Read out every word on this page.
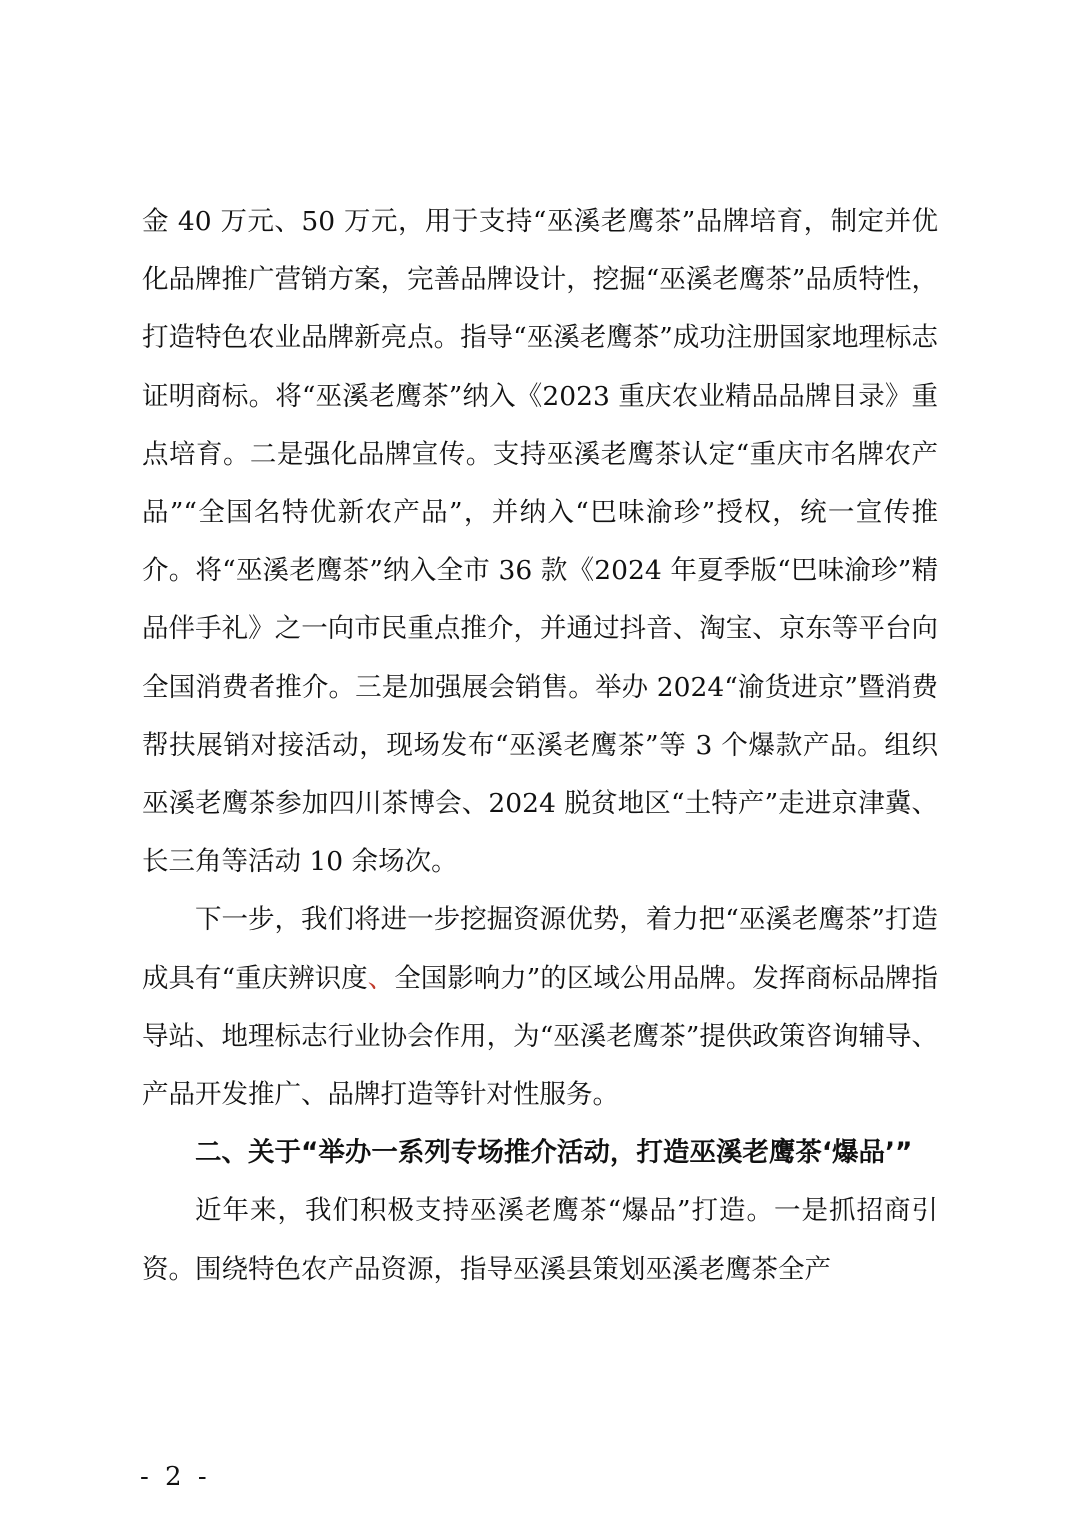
金 40 万元、50 万元，用于支持“巫溪老鹰茶”品牌培育，制定并优化品牌推广营销方案，完善品牌设计，挖掘“巫溪老鹰茶”品质特性，打造特色农业品牌新亮点。指导“巫溪老鹰茶”成功注册国家地理标志证明商标。将“巫溪老鹰茶”纳入《2023 重庆农业精品品牌目录》重点培育。二是强化品牌宣传。支持巫溪老鹰茶认定“重庆市名牌农产品”“全国名特优新农产品”，并纳入“巴味渝珍”授权，统一宣传推介。将“巫溪老鹰茶”纳入全市 36 款《2024 年夏季版“巴味渝珍”精品伴手礼》之一向市民重点推介，并通过抖音、淘宝、京东等平台向全国消费者推介。三是加强展会销售。举办 2024“渝货进京”暨消费帮扶展销对接活动，现场发布“巫溪老鹰茶”等 3 个爆款产品。组织巫溪老鹰茶参加四川茶博会、2024 脱贫地区“土特产”走进京津冀、长三角等活动 10 余场次。

下一步，我们将进一步挖掘资源优势，着力把“巫溪老鹰茶”打造成具有“重庆辨识度、全国影响力”的区域公用品牌。发挥商标品牌指导站、地理标志行业协会作用，为“巫溪老鹰茶”提供政策咨询辅导、产品开发推广、品牌打造等针对性服务。

二、关于“举办一系列专场推介活动，打造巫溪老鹰茶‘爆品’”

近年来，我们积极支持巫溪老鹰茶“爆品”打造。一是抓招商引资。围绕特色农产品资源，指导巫溪县策划巫溪老鹰茶全产

- 2 -
